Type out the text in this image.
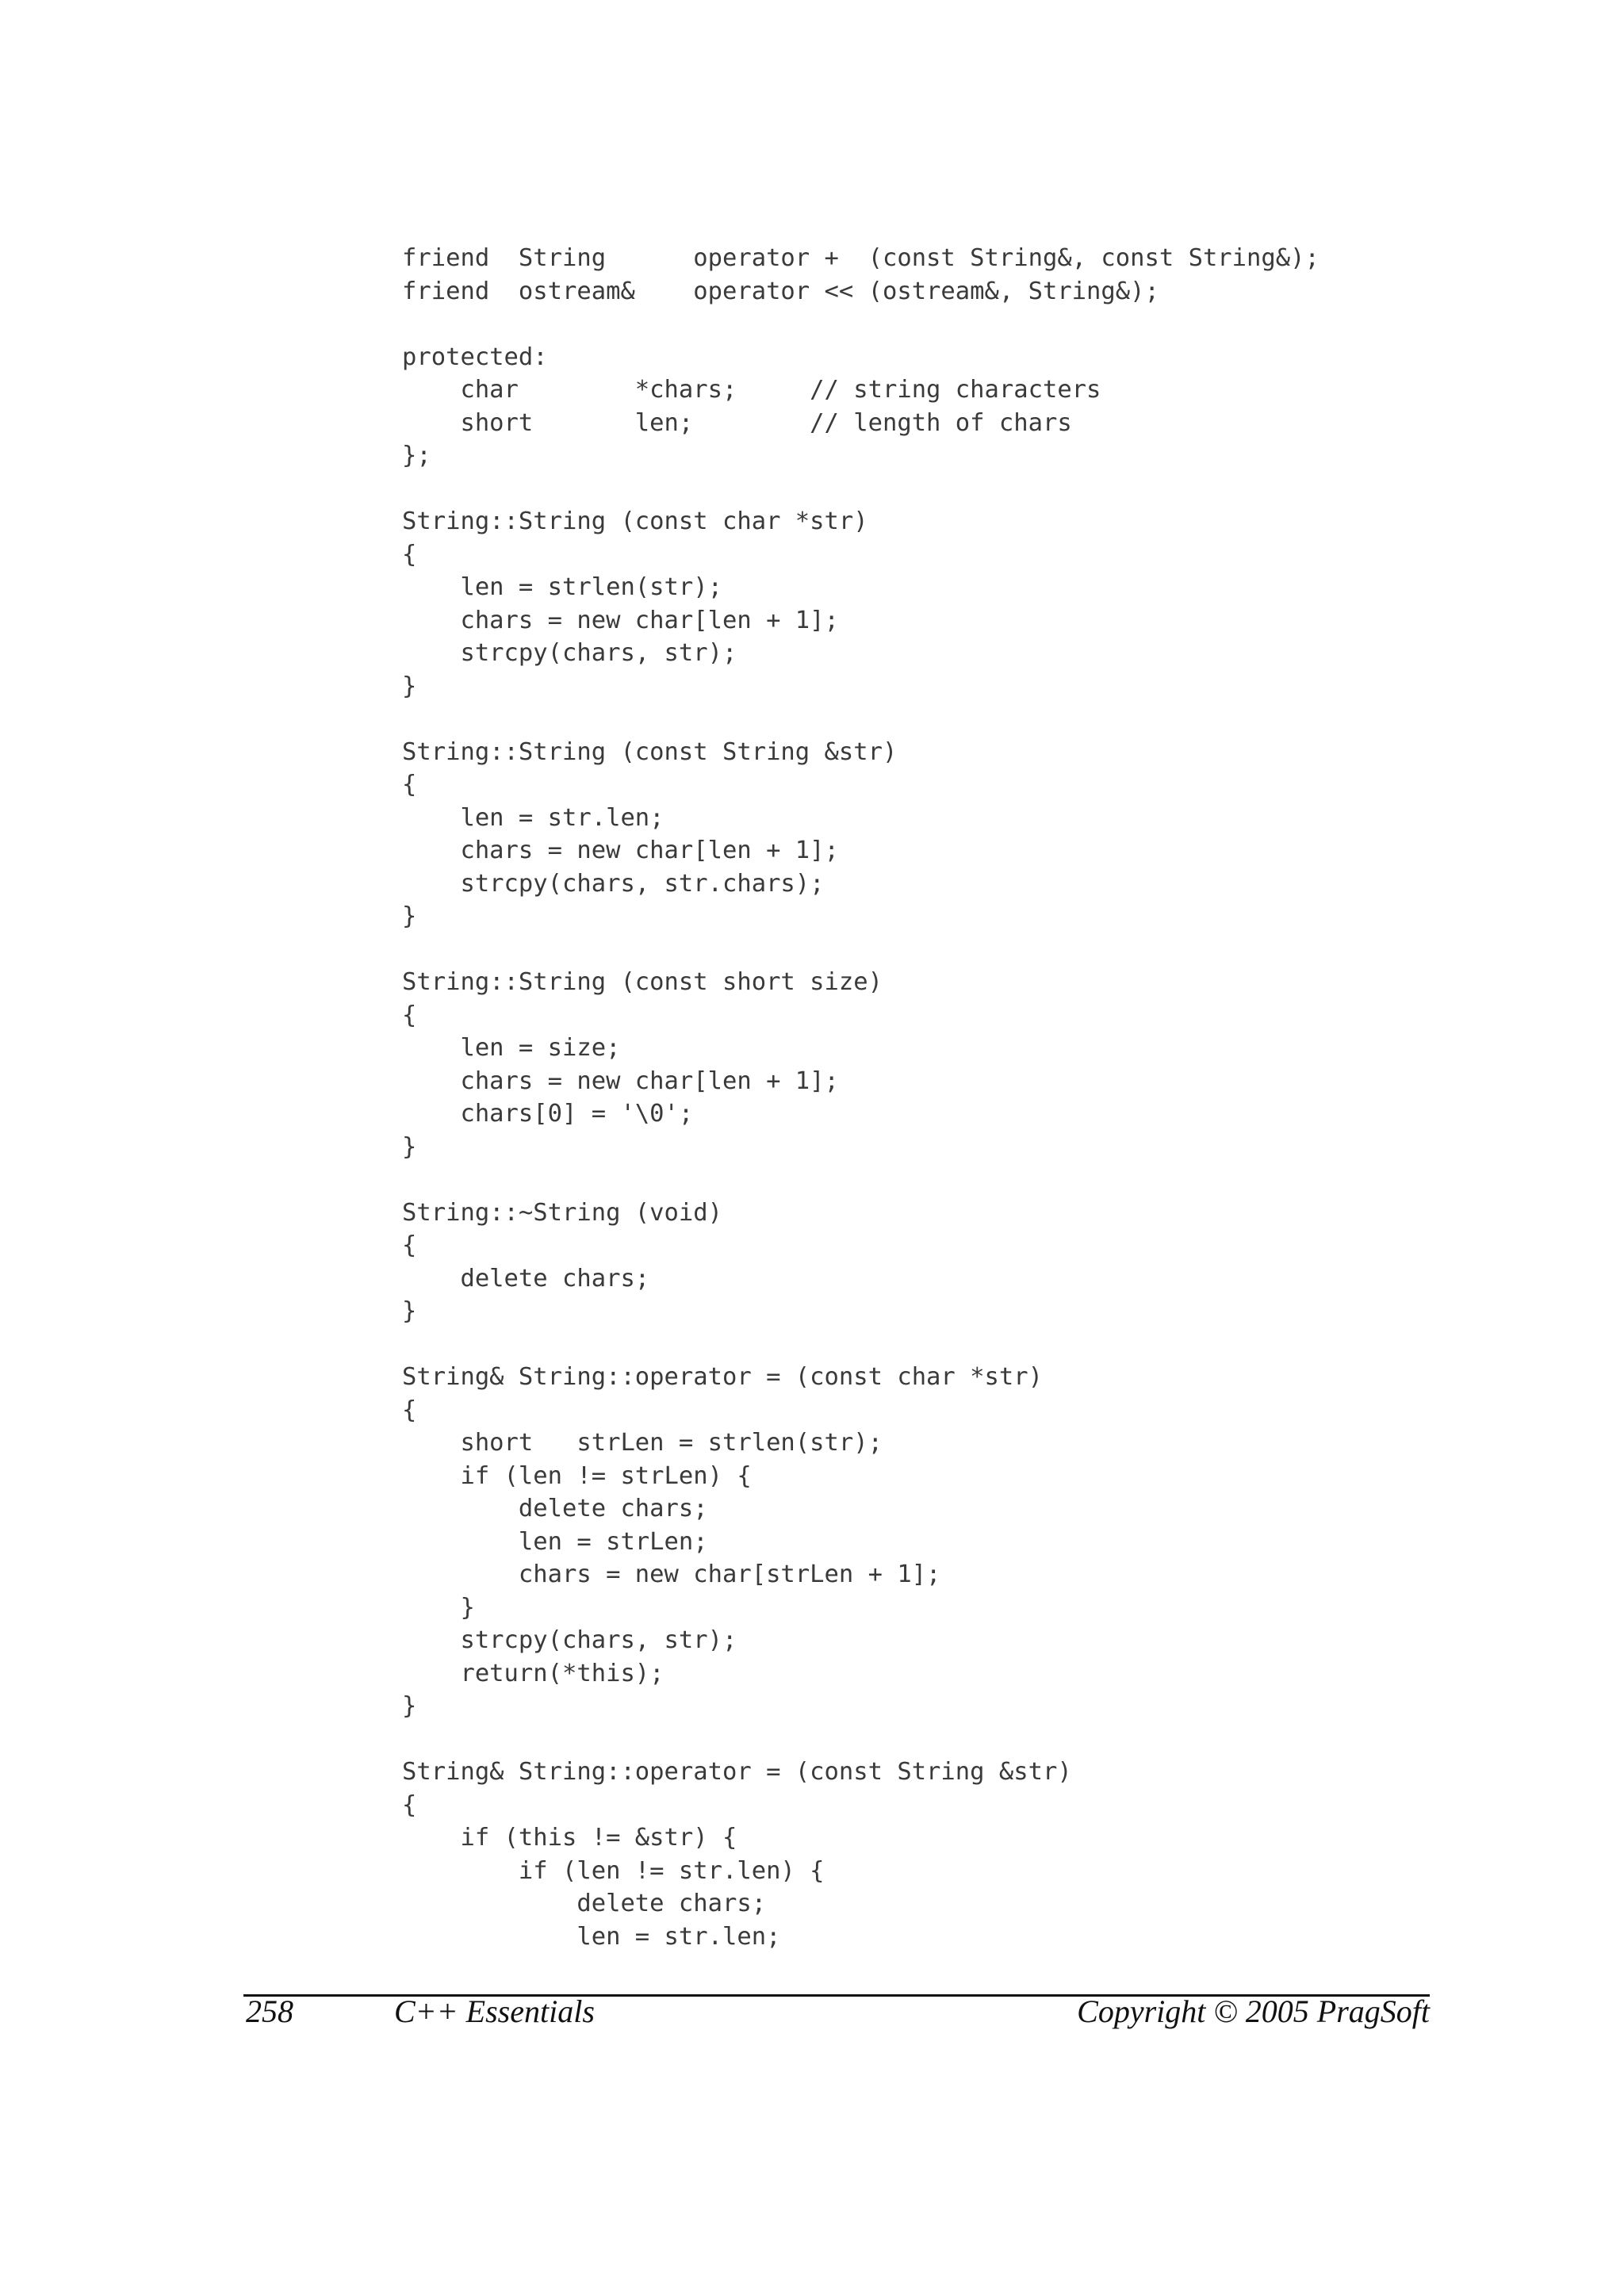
friend  String      operator +  (const String&, const String&);
friend  ostream&    operator << (ostream&, String&);
protected:
char        *chars;     // string characters
short       len;        // length of chars
};
String::String (const char *str)
{
len = strlen(str);
chars = new char[len + 1];
strcpy(chars, str);
}
String::String (const String &str)
{
len = str.len;
chars = new char[len + 1];
strcpy(chars, str.chars);
}
String::String (const short size)
{
len = size;
chars = new char[len + 1];
chars[0] = '\0';
}
String::~String (void)
{
delete chars;
}
String& String::operator = (const char *str)
{
short   strLen = strlen(str);
if (len != strLen) {
delete chars;
len = strLen;
chars = new char[strLen + 1];
}
strcpy(chars, str);
return(*this);
}
String& String::operator = (const String &str)
{
if (this != &str) {
if (len != str.len) {
delete chars;
len = str.len;
258	C++ Essentials	Copyright © 2005 PragSoft
